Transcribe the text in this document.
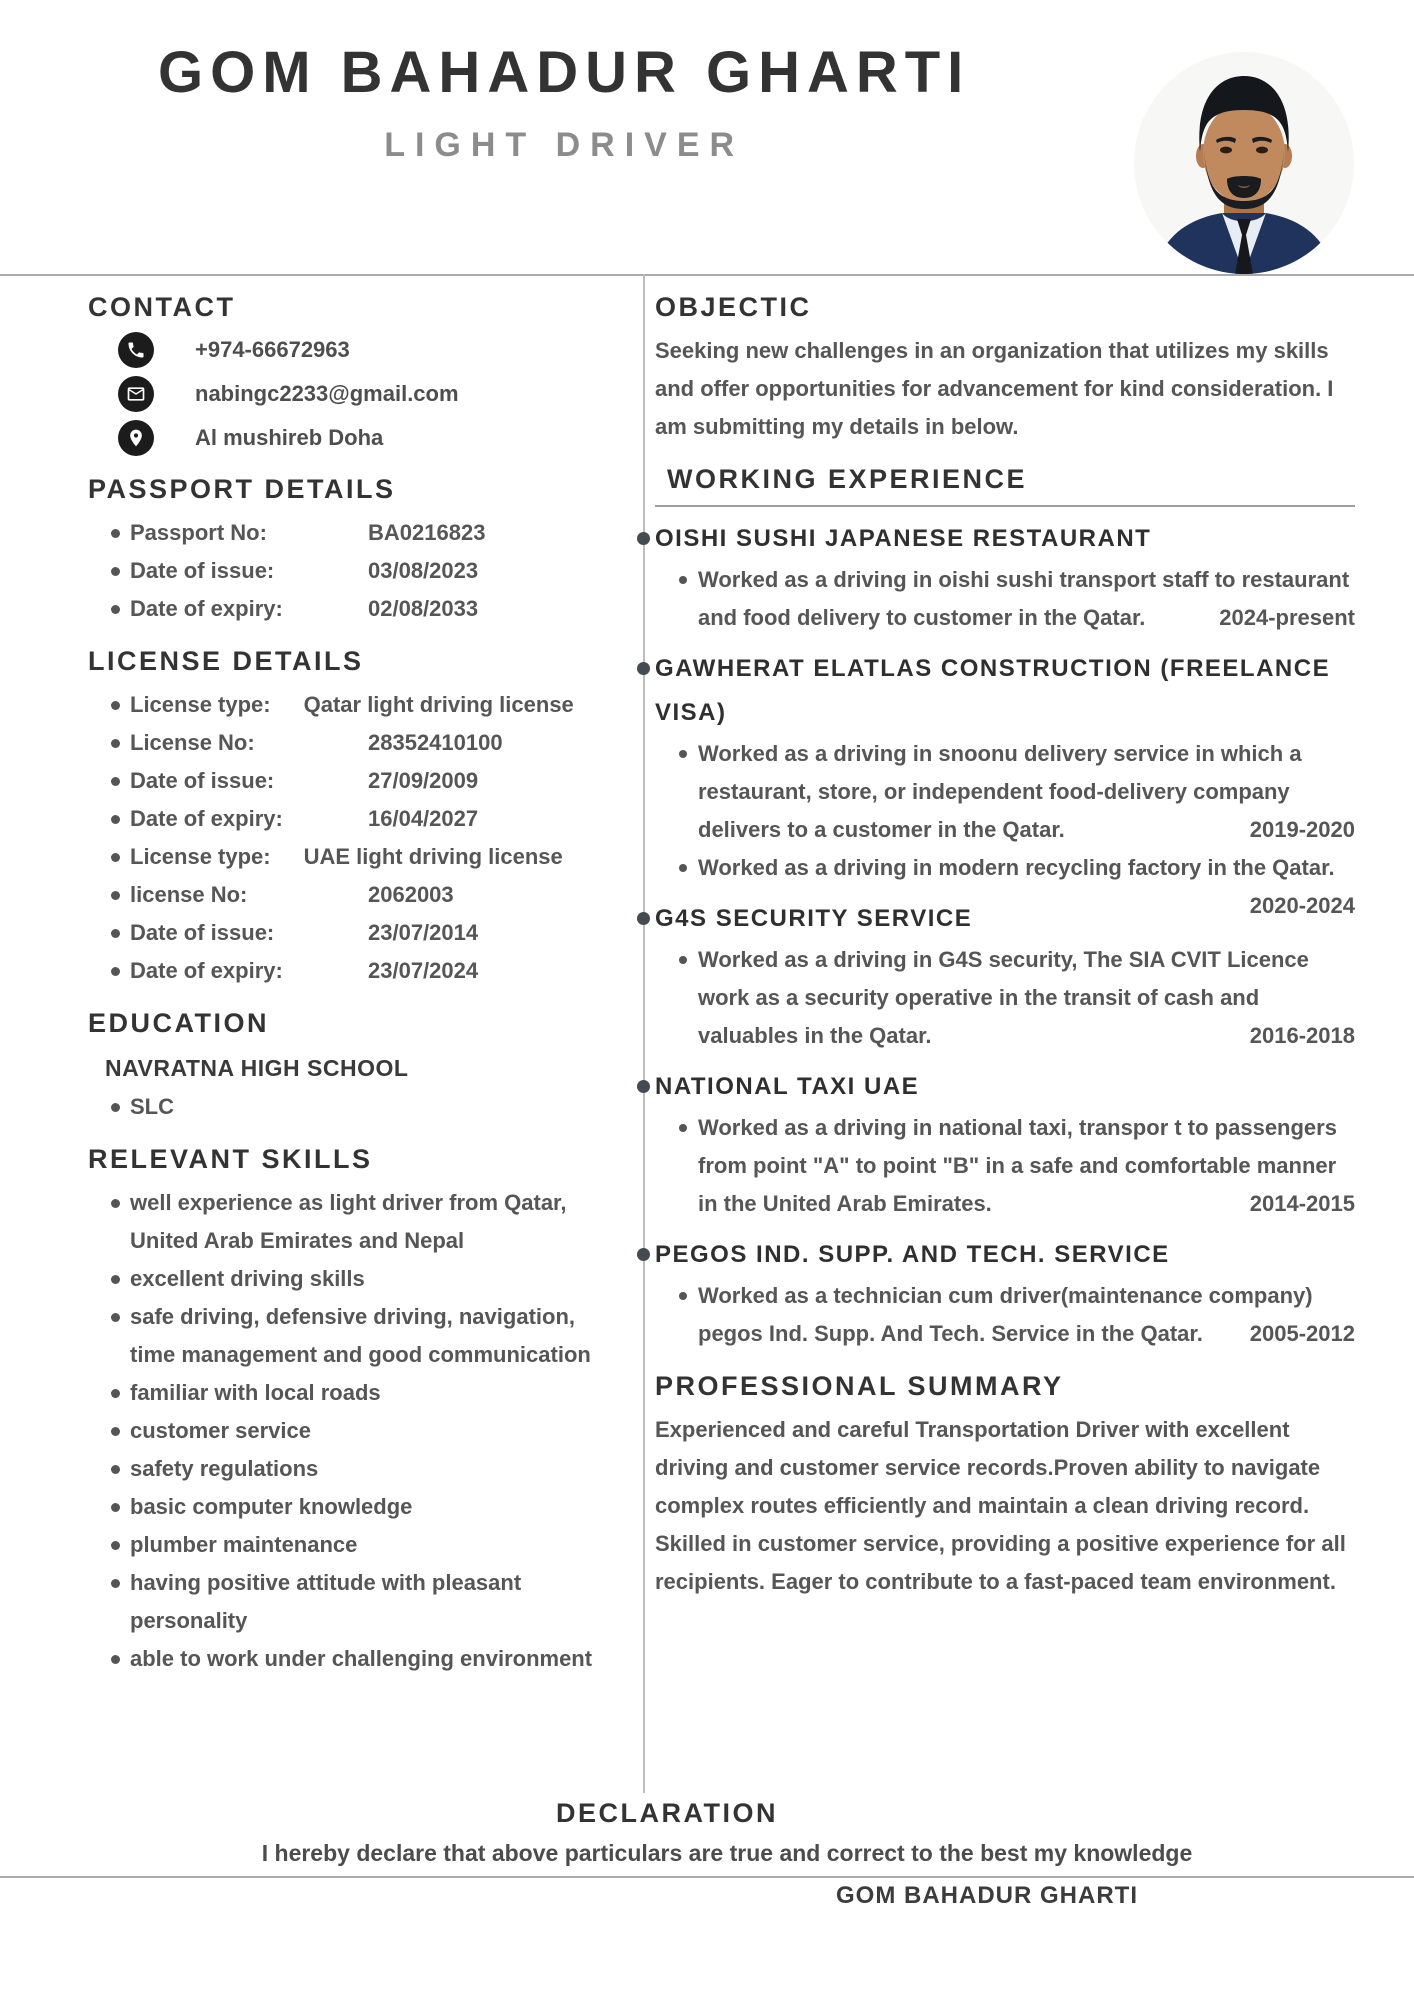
GOM BAHADUR GHARTI
LIGHT DRIVER
CONTACT
+974-66672963
nabingc2233@gmail.com
Al mushireb Doha
PASSPORT DETAILS
Passport No:	BA0216823
Date of issue:	03/08/2023
Date of expiry:	02/08/2033
LICENSE DETAILS
License type: Qatar light driving license
License No:	28352410100
Date of issue:	27/09/2009
Date of expiry:	16/04/2027
License type: UAE light driving license
license No:	2062003
Date of issue:	23/07/2014
Date of expiry:	23/07/2024
EDUCATION
NAVRATNA HIGH SCHOOL
SLC
RELEVANT SKILLS
well experience as light driver from Qatar, United Arab Emirates and Nepal
excellent driving skills
safe driving, defensive driving, navigation, time management and good communication
familiar with local roads
customer service
safety regulations
basic computer knowledge
plumber maintenance
having positive attitude with pleasant personality
able to work under challenging environment
OBJECTIC

Seeking new challenges in an organization that utilizes my skills and offer opportunities for advancement for kind consideration. I am submitting my details in below.

WORKING EXPERIENCE
OISHI SUSHI JAPANESE RESTAURANT
Worked as a driving in oishi sushi transport staff to restaurant and food delivery to customer in the Qatar.	2024-present
GAWHERAT ELATLAS CONSTRUCTION (FREELANCE VISA)
Worked as a driving in snoonu delivery service in which a restaurant, store, or independent food-delivery company delivers to a customer in the Qatar.	2019-2020
Worked as a driving in modern recycling factory in the Qatar.
2020-2024
G4S SECURITY SERVICE
Worked as a driving in G4S security, The SIA CVIT Licence work as a security operative in the transit of cash and valuables in the Qatar.	2016-2018
NATIONAL TAXI UAE
Worked as a driving in national taxi, transpor t to passengers from point "A" to point "B" in a safe and comfortable manner in the United Arab Emirates.	2014-2015
PEGOS IND. SUPP. AND TECH. SERVICE
Worked as a technician cum driver(maintenance company) pegos Ind. Supp. And Tech. Service in the Qatar. 2005-2012
PROFESSIONAL SUMMARY

Experienced and careful Transportation Driver with excellent driving and customer service records.Proven ability to navigate complex routes efficiently and maintain a clean driving record. Skilled in customer service, providing a positive experience for all recipients. Eager to contribute to a fast-paced team environment.

DECLARATION

I hereby declare that above particulars are true and correct to the best my knowledge

GOM BAHADUR GHARTI
